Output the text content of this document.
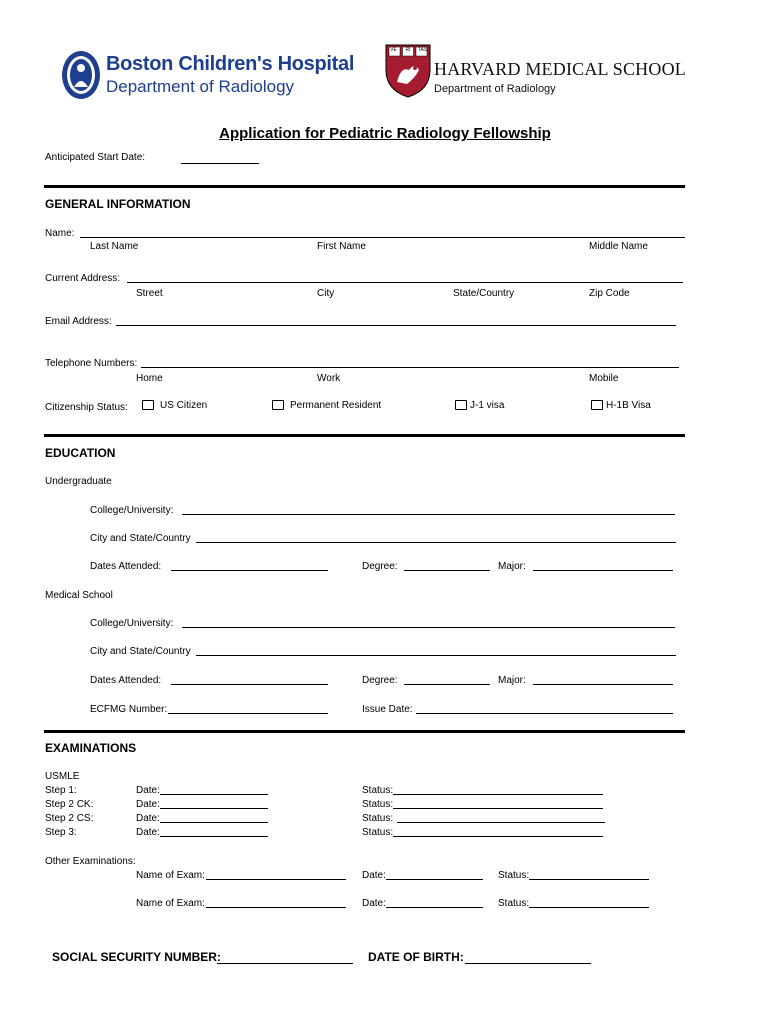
Boston Children's Hospital
Department of Radiology
VE	RI	TAS
HARVARD MEDICAL SCHOOL
Department of Radiology
Application for Pediatric Radiology Fellowship
Anticipated Start Date:
GENERAL INFORMATION
Name:
Last Name	First Name	Middle Name
Current Address:
Street	City	State/Country	Zip Code
Email Address:
Telephone Numbers:
Home	Work	Mobile
Citizenship Status:	US Citizen	Permanent Resident	J-1 visa	H-1B Visa
EDUCATION
Undergraduate
College/University:
City and State/Country
Dates Attended:	Degree:	Major:
Medical School
College/University:
City and State/Country
Dates Attended:	Degree:	Major:
ECFMG Number:	Issue Date:
EXAMINATIONS
USMLE
Step 1:	Date:	Status:
Step 2 CK:	Date:	Status:
Step 2 CS:	Date:	Status:
Step 3:	Date:	Status:
Other Examinations:
Name of Exam:	Date:	Status:
Name of Exam:	Date:	Status:
SOCIAL SECURITY NUMBER:	DATE OF BIRTH:
